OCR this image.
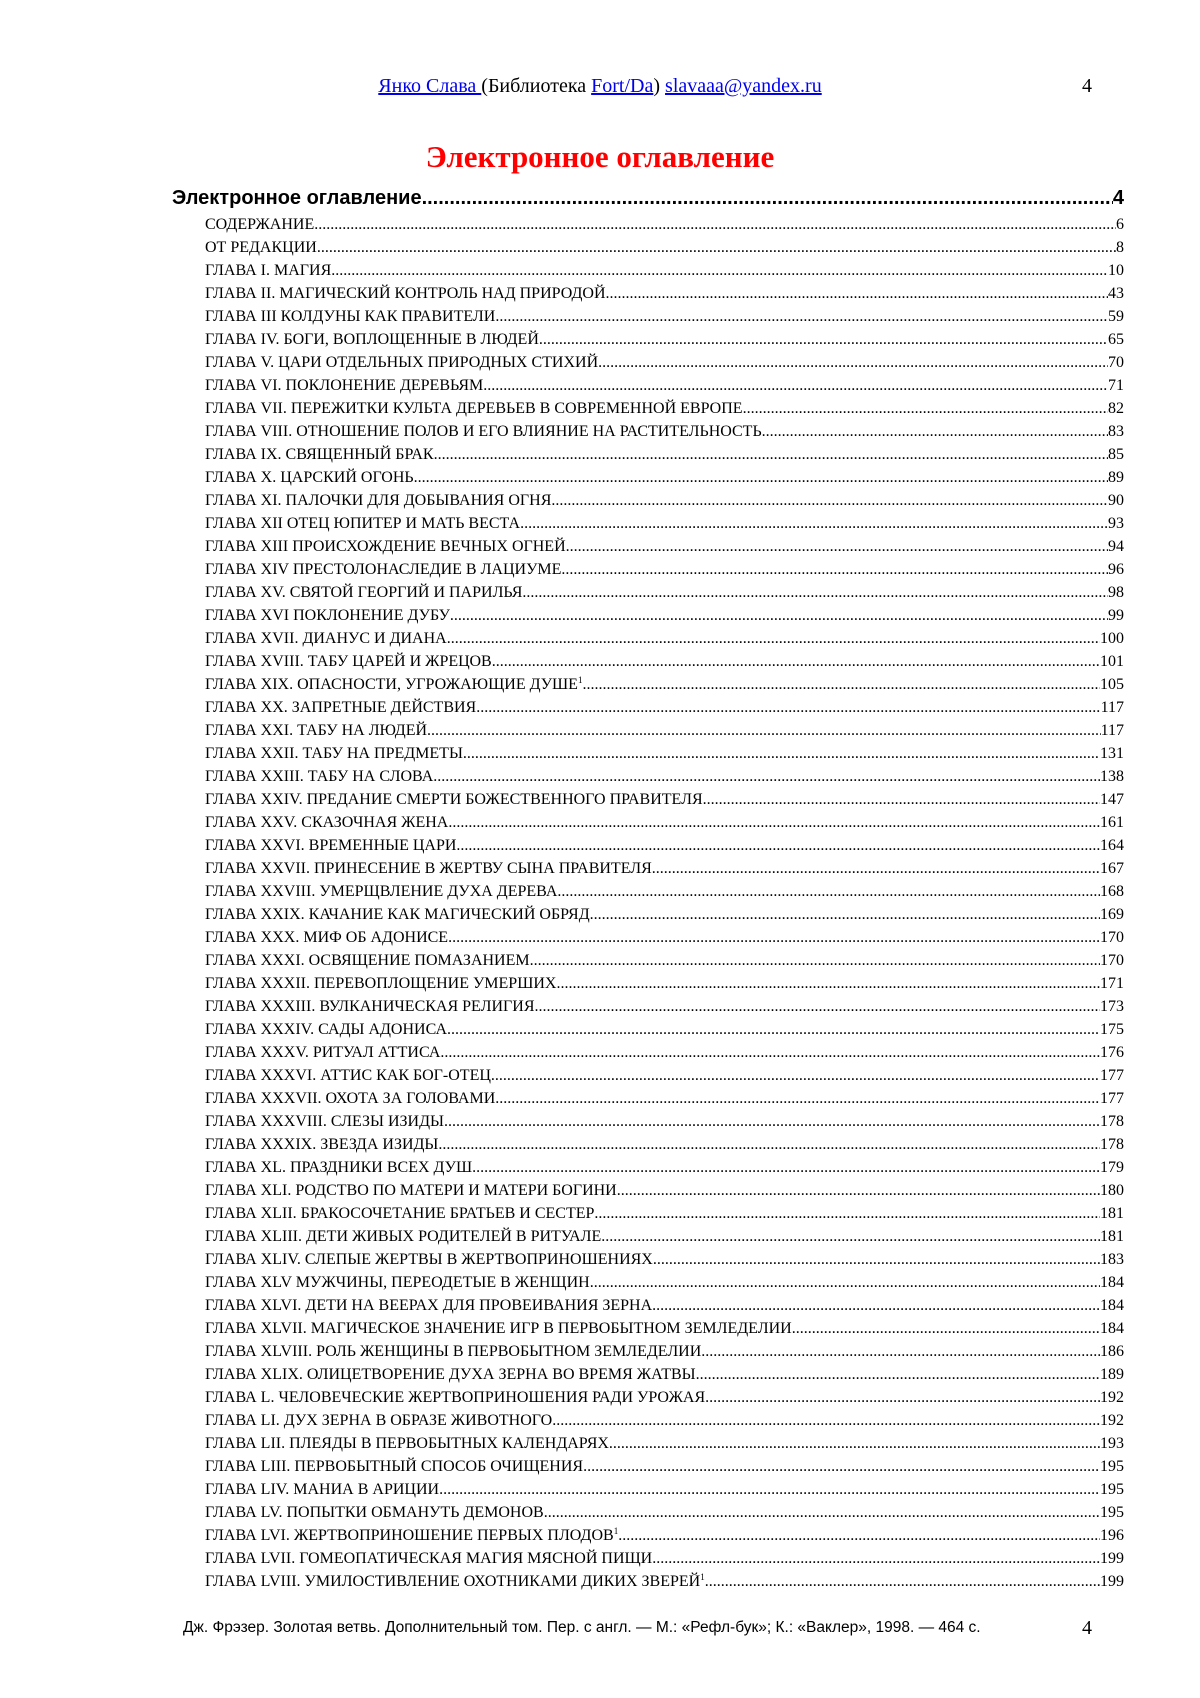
Янко Слава (Библиотека Fort/Da) slavaaa@yandex.ru	4
Электронное оглавление
Электронное оглавление .....	4
СОДЕРЖАНИЕ .....	6
ОТ РЕДАКЦИИ .....	8
ГЛАВА I. МАГИЯ .....	10
ГЛАВА II. МАГИЧЕСКИЙ КОНТРОЛЬ НАД ПРИРОДОЙ .....	43
ГЛАВА III КОЛДУНЫ КАК ПРАВИТЕЛИ .....	59
ГЛАВА IV. БОГИ, ВОПЛОЩЕННЫЕ В ЛЮДЕЙ .....	65
ГЛАВА V. ЦАРИ ОТДЕЛЬНЫХ ПРИРОДНЫХ СТИХИЙ .....	70
ГЛАВА VI. ПОКЛОНЕНИЕ ДЕРЕВЬЯМ .....	71
ГЛАВА VII. ПЕРЕЖИТКИ КУЛЬТА ДЕРЕВЬЕВ В СОВРЕМЕННОЙ ЕВРОПЕ .....	82
ГЛАВА VIII. ОТНОШЕНИЕ ПОЛОВ И ЕГО ВЛИЯНИЕ НА РАСТИТЕЛЬНОСТЬ .....	83
ГЛАВА IX. СВЯЩЕННЫЙ БРАК .....	85
ГЛАВА X. ЦАРСКИЙ ОГОНЬ .....	89
ГЛАВА XI. ПАЛОЧКИ ДЛЯ ДОБЫВАНИЯ ОГНЯ .....	90
ГЛАВА XII ОТЕЦ ЮПИТЕР И МАТЬ ВЕСТА .....	93
ГЛАВА XIII ПРОИСХОЖДЕНИЕ ВЕЧНЫХ ОГНЕЙ .....	94
ГЛАВА XIV ПРЕСТОЛОНАСЛЕДИЕ В ЛАЦИУМЕ .....	96
ГЛАВА XV. СВЯТОЙ ГЕОРГИЙ И ПАРИЛЬЯ .....	98
ГЛАВА XVI ПОКЛОНЕНИЕ ДУБУ .....	99
ГЛАВА XVII. ДИАНУС И ДИАНА .....	100
ГЛАВА XVIII. ТАБУ ЦАРЕЙ И ЖРЕЦОВ .....	101
ГЛАВА XIX. ОПАСНОСТИ, УГРОЖАЮЩИЕ ДУШЕ$^1$ .....	105
ГЛАВА XX. ЗАПРЕТНЫЕ ДЕЙСТВИЯ .....	117
ГЛАВА XXI. ТАБУ НА ЛЮДЕЙ .....	117
ГЛАВА XXII. ТАБУ НА ПРЕДМЕТЫ .....	131
ГЛАВА XXIII. ТАБУ НА СЛОВА .....	138
ГЛАВА XXIV. ПРЕДАНИЕ СМЕРТИ БОЖЕСТВЕННОГО ПРАВИТЕЛЯ .....	147
ГЛАВА XXV. СКАЗОЧНАЯ ЖЕНА .....	161
ГЛАВА XXVI. ВРЕМЕННЫЕ ЦАРИ .....	164
ГЛАВА XXVII. ПРИНЕСЕНИЕ В ЖЕРТВУ СЫНА ПРАВИТЕЛЯ .....	167
ГЛАВА XXVIII. УМЕРЩВЛЕНИЕ ДУХА ДЕРЕВА .....	168
ГЛАВА XXIX. КАЧАНИЕ КАК МАГИЧЕСКИЙ ОБРЯД .....	169
ГЛАВА XXX. МИФ ОБ АДОНИСЕ .....	170
ГЛАВА XXXI. ОСВЯЩЕНИЕ ПОМАЗАНИЕМ .....	170
ГЛАВА XXXII. ПЕРЕВОПЛОЩЕНИЕ УМЕРШИХ .....	171
ГЛАВА XXXIII. ВУЛКАНИЧЕСКАЯ РЕЛИГИЯ .....	173
ГЛАВА XXXIV. САДЫ АДОНИСА .....	175
ГЛАВА XXXV. РИТУАЛ АТТИСА .....	176
ГЛАВА XXXVI. АТТИС КАК БОГ-ОТЕЦ .....	177
ГЛАВА XXXVII. ОХОТА ЗА ГОЛОВАМИ .....	177
ГЛАВА XXXVIII. СЛЕЗЫ ИЗИДЫ .....	178
ГЛАВА XXXIX. ЗВЕЗДА ИЗИДЫ .....	178
ГЛАВА XL. ПРАЗДНИКИ ВСЕХ ДУШ .....	179
ГЛАВА XLI. РОДСТВО ПО МАТЕРИ И МАТЕРИ БОГИНИ .....	180
ГЛАВА XLII. БРАКОСОЧЕТАНИЕ БРАТЬЕВ И СЕСТЕР .....	181
ГЛАВА XLIII. ДЕТИ ЖИВЫХ РОДИТЕЛЕЙ В РИТУАЛЕ .....	181
ГЛАВА XLIV. СЛЕПЫЕ ЖЕРТВЫ В ЖЕРТВОПРИНОШЕНИЯХ .....	183
ГЛАВА XLV МУЖЧИНЫ, ПЕРЕОДЕТЫЕ В ЖЕНЩИН .....	184
ГЛАВА XLVI. ДЕТИ НА ВЕЕРАХ ДЛЯ ПРОВЕИВАНИЯ ЗЕРНА .....	184
ГЛАВА XLVII. МАГИЧЕСКОЕ ЗНАЧЕНИЕ ИГР В ПЕРВОБЫТНОМ ЗЕМЛЕДЕЛИИ .....	184
ГЛАВА XLVIII. РОЛЬ ЖЕНЩИНЫ В ПЕРВОБЫТНОМ ЗЕМЛЕДЕЛИИ .....	186
ГЛАВА XLIX. ОЛИЦЕТВОРЕНИЕ ДУХА ЗЕРНА ВО ВРЕМЯ ЖАТВЫ .....	189
ГЛАВА L. ЧЕЛОВЕЧЕСКИЕ ЖЕРТВОПРИНОШЕНИЯ РАДИ УРОЖАЯ .....	192
ГЛАВА LI. ДУХ ЗЕРНА В ОБРАЗЕ ЖИВОТНОГО .....	192
ГЛАВА LII. ПЛЕЯДЫ В ПЕРВОБЫТНЫХ КАЛЕНДАРЯХ .....	193
ГЛАВА LIII. ПЕРВОБЫТНЫЙ СПОСОБ ОЧИЩЕНИЯ .....	195
ГЛАВА LIV. МАНИА В АРИЦИИ .....	195
ГЛАВА LV. ПОПЫТКИ ОБМАНУТЬ ДЕМОНОВ .....	195
ГЛАВА LVI. ЖЕРТВОПРИНОШЕНИЕ ПЕРВЫХ ПЛОДОВ$^1$ .....	196
ГЛАВА LVII. ГОМЕОПАТИЧЕСКАЯ МАГИЯ МЯСНОЙ ПИЩИ .....	199
ГЛАВА LVIII. УМИЛОСТИВЛЕНИЕ ОХОТНИКАМИ ДИКИХ ЗВЕРЕЙ$^1$ .....	199
Дж. Фрэзер. Золотая ветвь. Дополнительный том. Пер. с англ. — М.: «Рефл-бук»; К.: «Ваклер», 1998. — 464 с.	4
